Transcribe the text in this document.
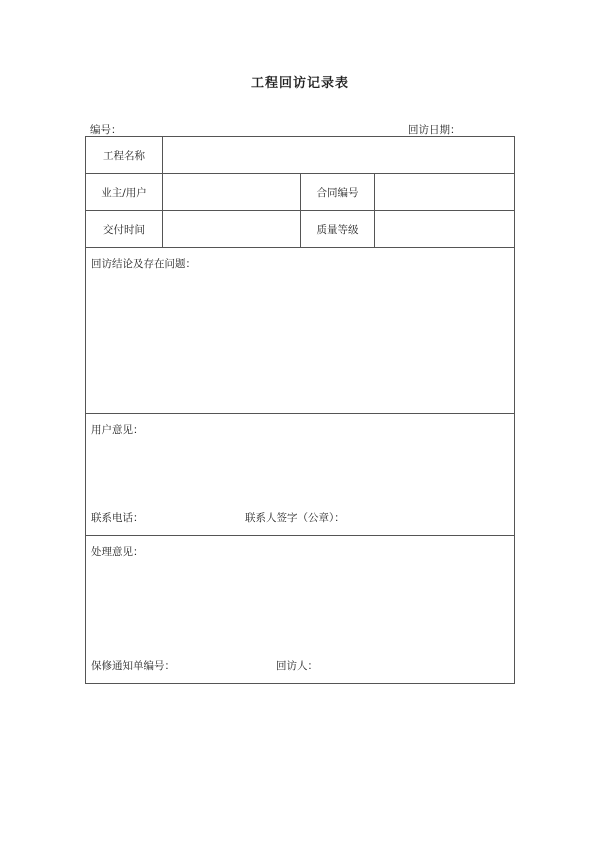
工程回访记录表
编号：	回访日期：
工程名称
业主/用户	合同编号
交付时间	质量等级
回访结论及存在问题：
用户意见：
联系电话：	联系人签字（公章）：
处理意见：
保修通知单编号：	回访人：
